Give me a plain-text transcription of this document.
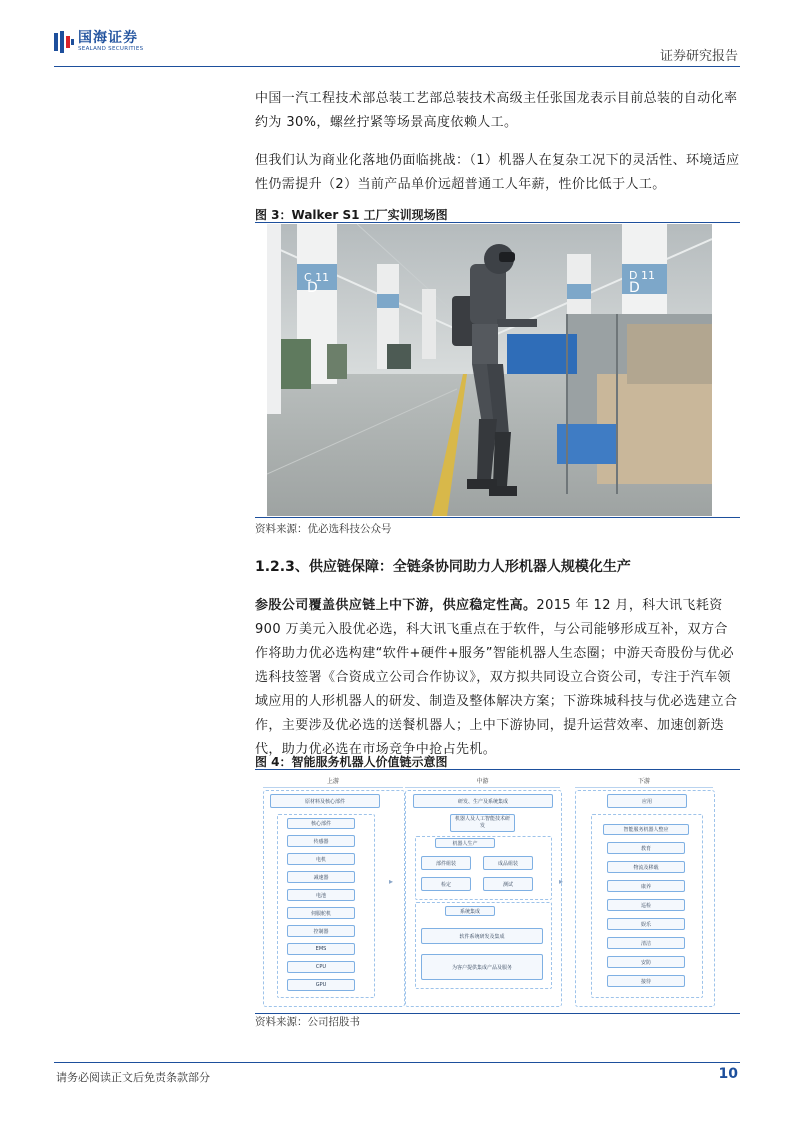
国海证券
SEALAND SECURITIES	证券研究报告
中国一汽工程技术部总装工艺部总装技术高级主任张国龙表示目前总装的自动化率约为 30%，螺丝拧紧等场景高度依赖人工。
但我们认为商业化落地仍面临挑战：（1）机器人在复杂工况下的灵活性、环境适应性仍需提升（2）当前产品单价远超普通工人年薪，性价比低于人工。
图 3：Walker S1 工厂实训现场图
C 11
D
D 11
D
资料来源：优必选科技公众号
1.2.3、供应链保障：全链条协同助力人形机器人规模化生产
参股公司覆盖供应链上中下游，供应稳定性高。2015 年 12 月，科大讯飞耗资 900 万美元入股优必选，科大讯飞重点在于软件，与公司能够形成互补，双方合作将助力优必选构建“软件+硬件+服务”智能机器人生态圈；中游天奇股份与优必选科技签署《合资成立公司合作协议》，双方拟共同设立合资公司，专注于汽车领域应用的人形机器人的研发、制造及整体解决方案；下游珠城科技与优必选建立合作，主要涉及优必选的送餐机器人；上中下游协同，提升运营效率、加速创新迭代，助力优必选在市场竞争中抢占先机。
图 4：智能服务机器人价值链示意图
上游
原材料及核心部件
核心部件
传感器
电机
减速器
电池
伺服舵机
控制器
EMS
CPU
GPU
▸
中游
研发、生产及系统集成
机器人及人工智能技术研发
机器人生产
部件組装	成品組装
检定	测试
系统集成
软件系统研发及集成
为客户提供集成产品及服务
▸
下游
应用
智能服务机器人整应
教育
物流及移载
康养
巡检
娱乐
清洁
安防
接待
资料来源：公司招股书
请务必阅读正文后免责条款部分	10
